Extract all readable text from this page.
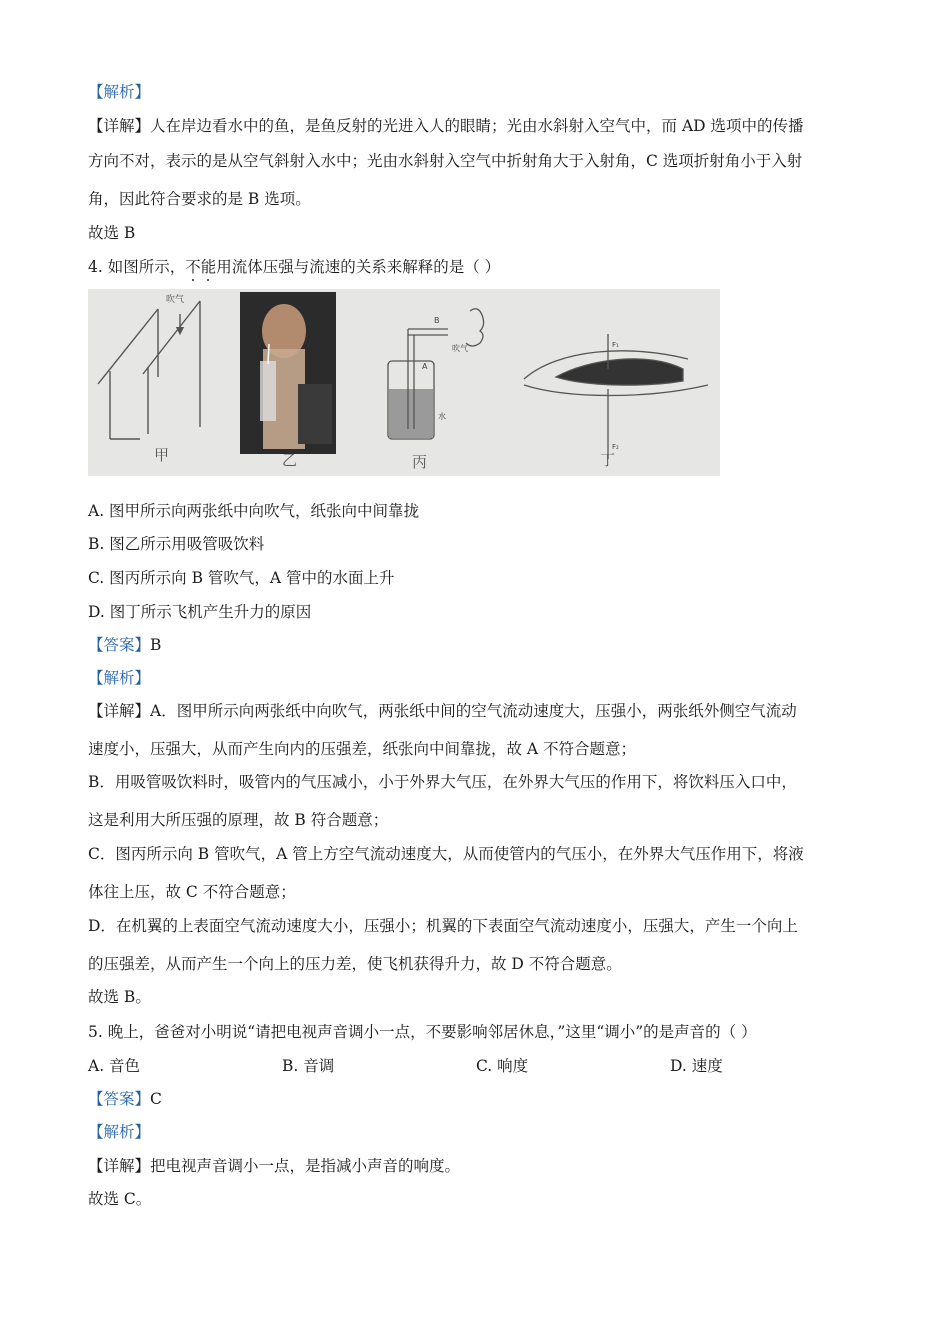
【解析】
【详解】人在岸边看水中的鱼，是鱼反射的光进入人的眼睛；光由水斜射入空气中，而 AD 选项中的传播
方向不对，表示的是从空气斜射入水中；光由水斜射入空气中折射角大于入射角，C 选项折射角小于入射
角，因此符合要求的是 B 选项。
故选 B
4. 如图所示，不能用流体压强与流速的关系来解释的是（ ）
吹气
B
A
水
吹气	F₁
F₂
甲	乙	丙	丁
A. 图甲所示向两张纸中向吹气，纸张向中间靠拢
B. 图乙所示用吸管吸饮料
C. 图丙所示向 B 管吹气，A 管中的水面上升
D. 图丁所示飞机产生升力的原因
【答案】B
【解析】
【详解】A．图甲所示向两张纸中向吹气，两张纸中间的空气流动速度大，压强小，两张纸外侧空气流动
速度小，压强大，从而产生向内的压强差，纸张向中间靠拢，故 A 不符合题意；
B．用吸管吸饮料时，吸管内的气压减小，小于外界大气压，在外界大气压的作用下，将饮料压入口中，
这是利用大所压强的原理，故 B 符合题意；
C．图丙所示向 B 管吹气，A 管上方空气流动速度大，从而使管内的气压小，在外界大气压作用下，将液
体往上压，故 C 不符合题意；
D．在机翼的上表面空气流动速度大小，压强小；机翼的下表面空气流动速度小，压强大，产生一个向上
的压强差，从而产生一个向上的压力差，使飞机获得升力，故 D 不符合题意。
故选 B。
5. 晚上，爸爸对小明说“请把电视声音调小一点，不要影响邻居休息，”这里“调小”的是声音的（ ）
A. 音色	B. 音调	C. 响度	D. 速度
【答案】C
【解析】
【详解】把电视声音调小一点，是指减小声音的响度。
故选 C。
